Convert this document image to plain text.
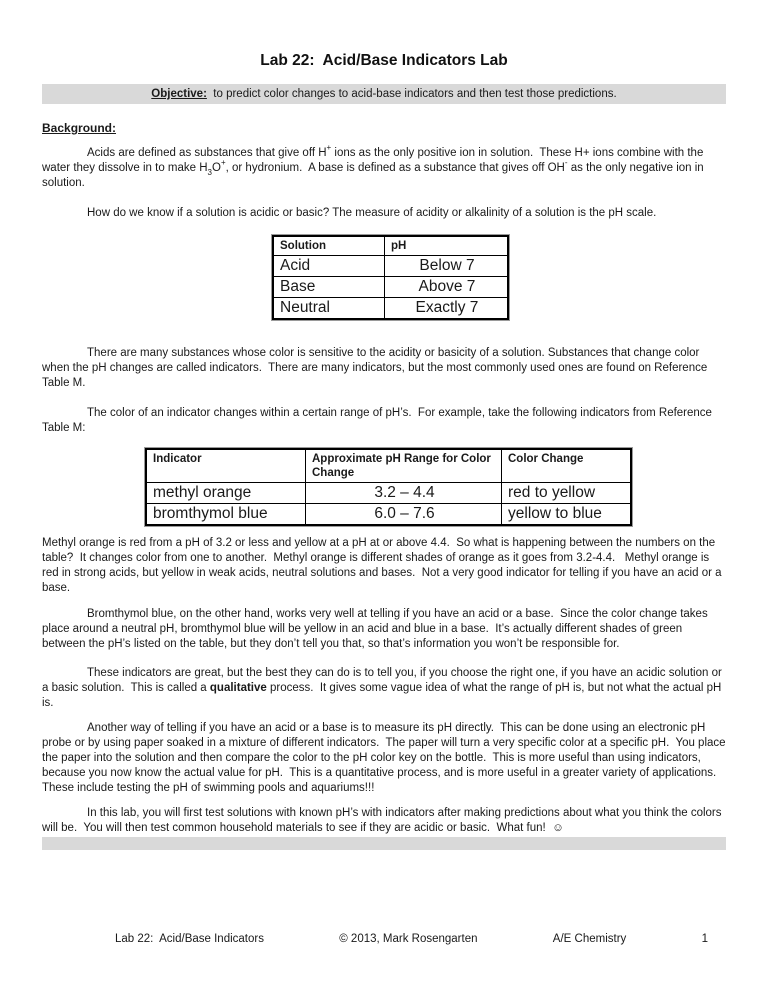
Lab 22:  Acid/Base Indicators Lab
Objective:  to predict color changes to acid-base indicators and then test those predictions.
Background:

Acids are defined as substances that give off H+ ions as the only positive ion in solution.  These H+ ions combine with the water they dissolve in to make $H_3O^+$, or hydronium.  A base is defined as a substance that gives off OH- as the only negative ion in solution.

How do we know if a solution is acidic or basic? The measure of acidity or alkalinity of a solution is the pH scale.

Solution	pH
Acid	Below 7
Base	Above 7
Neutral	Exactly 7

There are many substances whose color is sensitive to the acidity or basicity of a solution. Substances that change color when the pH changes are called indicators.  There are many indicators, but the most commonly used ones are found on Reference Table M.

The color of an indicator changes within a certain range of pH’s.  For example, take the following indicators from Reference Table M:

Indicator	Approximate pH Range for Color Change	Color Change
methyl orange	3.2 – 4.4	red to yellow
bromthymol blue	6.0 – 7.6	yellow to blue

Methyl orange is red from a pH of 3.2 or less and yellow at a pH at or above 4.4.  So what is happening between the numbers on the table?  It changes color from one to another.  Methyl orange is different shades of orange as it goes from 3.2-4.4.   Methyl orange is red in strong acids, but yellow in weak acids, neutral solutions and bases.  Not a very good indicator for telling if you have an acid or a base.

Bromthymol blue, on the other hand, works very well at telling if you have an acid or a base.  Since the color change takes place around a neutral pH, bromthymol blue will be yellow in an acid and blue in a base.  It’s actually different shades of green between the pH’s listed on the table, but they don’t tell you that, so that’s information you won’t be responsible for.

These indicators are great, but the best they can do is to tell you, if you choose the right one, if you have an acidic solution or a basic solution.  This is called a qualitative process.  It gives some vague idea of what the range of pH is, but not what the actual pH is.

Another way of telling if you have an acid or a base is to measure its pH directly.  This can be done using an electronic pH probe or by using paper soaked in a mixture of different indicators.  The paper will turn a very specific color at a specific pH.  You place the paper into the solution and then compare the color to the pH color key on the bottle.  This is more useful than using indicators, because you now know the actual value for pH.  This is a quantitative process, and is more useful in a greater variety of applications.  These include testing the pH of swimming pools and aquariums!!!

In this lab, you will first test solutions with known pH’s with indicators after making predictions about what you think the colors will be.  You will then test common household materials to see if they are acidic or basic.  What fun!  ☺

Lab 22:  Acid/Base Indicators	© 2013, Mark Rosengarten	A/E Chemistry	1
